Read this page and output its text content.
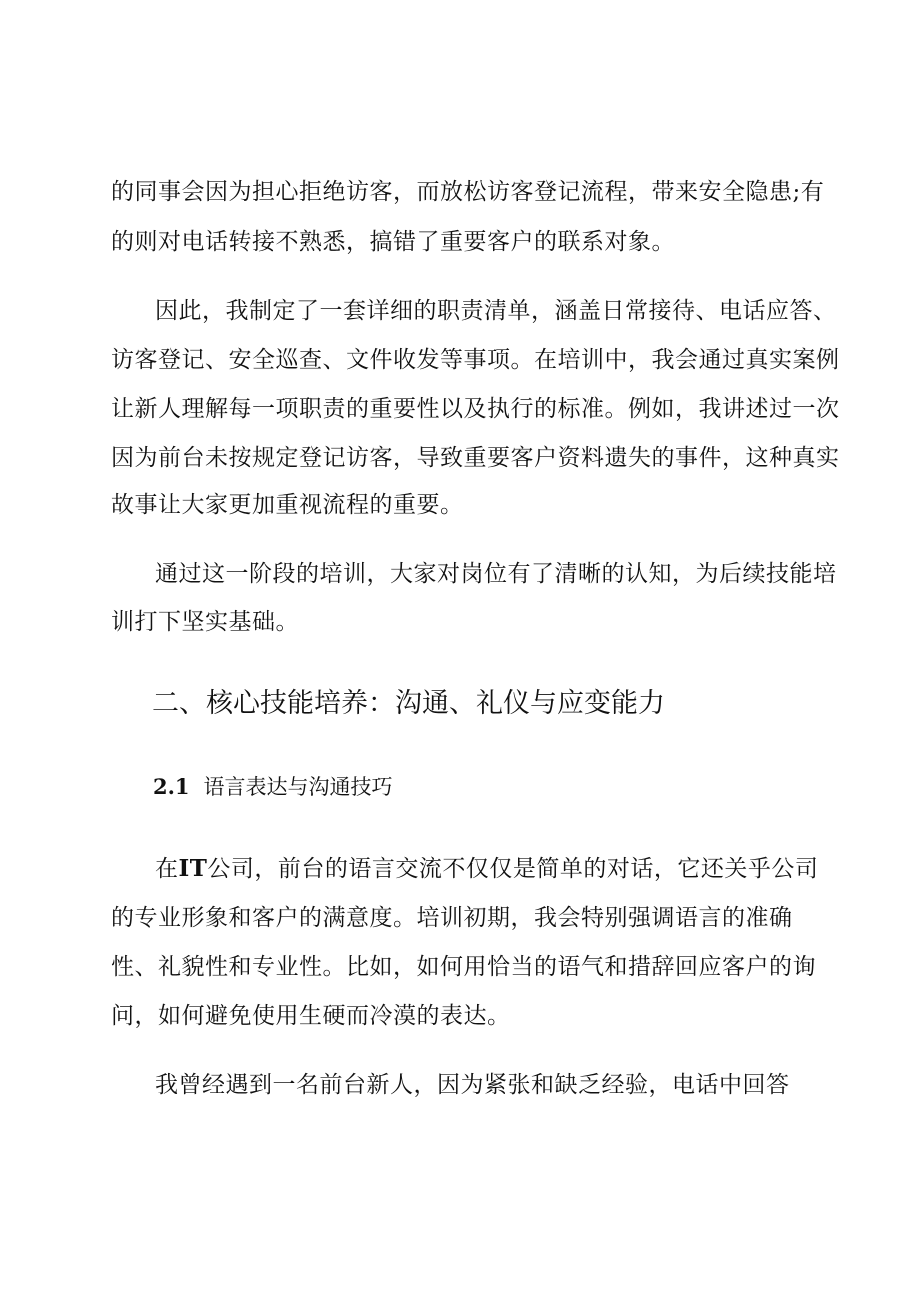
的同事会因为担心拒绝访客，而放松访客登记流程，带来安全隐患;有

的则对电话转接不熟悉，搞错了重要客户的联系对象。

因此，我制定了一套详细的职责清单，涵盖日常接待、电话应答、

访客登记、安全巡查、文件收发等事项。在培训中，我会通过真实案例

让新人理解每一项职责的重要性以及执行的标准。例如，我讲述过一次

因为前台未按规定登记访客，导致重要客户资料遗失的事件，这种真实

故事让大家更加重视流程的重要。

通过这一阶段的培训，大家对岗位有了清晰的认知，为后续技能培

训打下坚实基础。

二、核心技能培养：沟通、礼仪与应变能力
2.1 语言表达与沟通技巧

在IT公司，前台的语言交流不仅仅是简单的对话，它还关乎公司

的专业形象和客户的满意度。培训初期，我会特别强调语言的准确

性、礼貌性和专业性。比如，如何用恰当的语气和措辞回应客户的询

问，如何避免使用生硬而冷漠的表达。

我曾经遇到一名前台新人，因为紧张和缺乏经验，电话中回答
